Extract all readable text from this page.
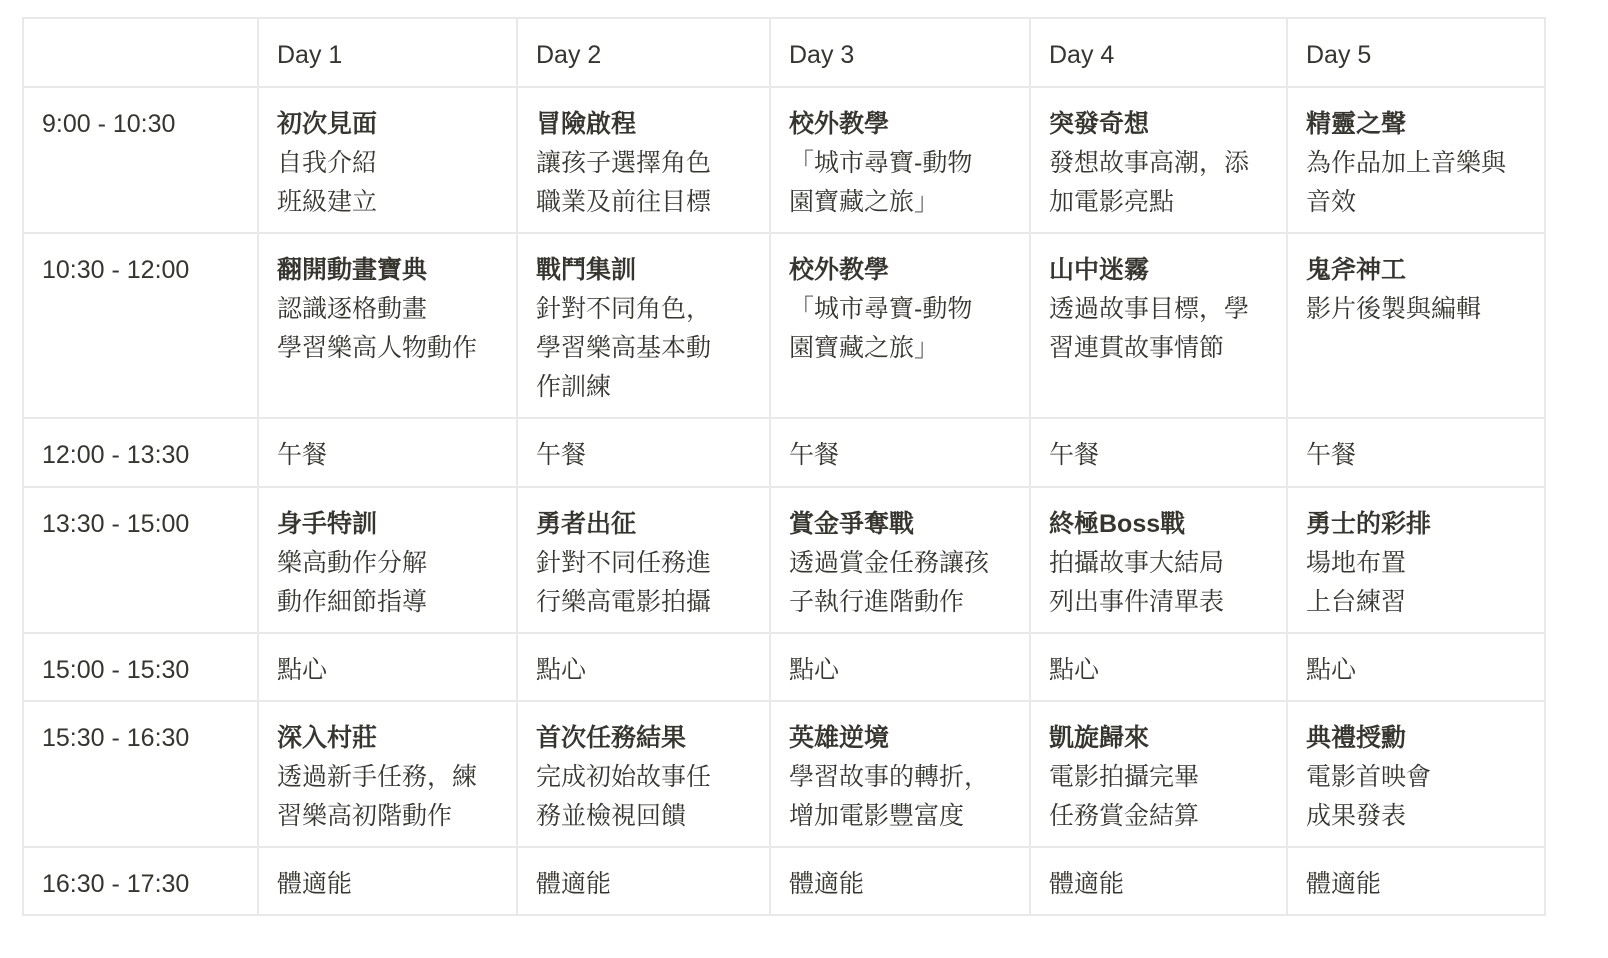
	Day 1	Day 2	Day 3	Day 4	Day 5
9:00 - 10:30	初次見面
自我介紹
班級建立	冒險啟程
讓孩子選擇角色
職業及前往目標	校外教學
「城市尋寶-動物
園寶藏之旅」	突發奇想
發想故事高潮，添
加電影亮點	精靈之聲
為作品加上音樂與
音效

10:30 - 12:00	翻開動畫寶典
認識逐格動畫
學習樂高人物動作	戰鬥集訓
針對不同角色，
學習樂高基本動
作訓練	校外教學
「城市尋寶-動物
園寶藏之旅」	山中迷霧
透過故事目標，學
習連貫故事情節	鬼斧神工
影片後製與編輯

12:00 - 13:30	午餐	午餐	午餐	午餐	午餐

13:30 - 15:00	身手特訓
樂高動作分解
動作細節指導	勇者出征
針對不同任務進
行樂高電影拍攝	賞金爭奪戰
透過賞金任務讓孩
子執行進階動作	終極Boss戰
拍攝故事大結局
列出事件清單表	勇士的彩排
場地布置
上台練習

15:00 - 15:30	點心	點心	點心	點心	點心

15:30 - 16:30	深入村莊
透過新手任務，練
習樂高初階動作	首次任務結果
完成初始故事任
務並檢視回饋	英雄逆境
學習故事的轉折，
增加電影豐富度	凱旋歸來
電影拍攝完畢
任務賞金結算	典禮授勳
電影首映會
成果發表

16:30 - 17:30	體適能	體適能	體適能	體適能	體適能
